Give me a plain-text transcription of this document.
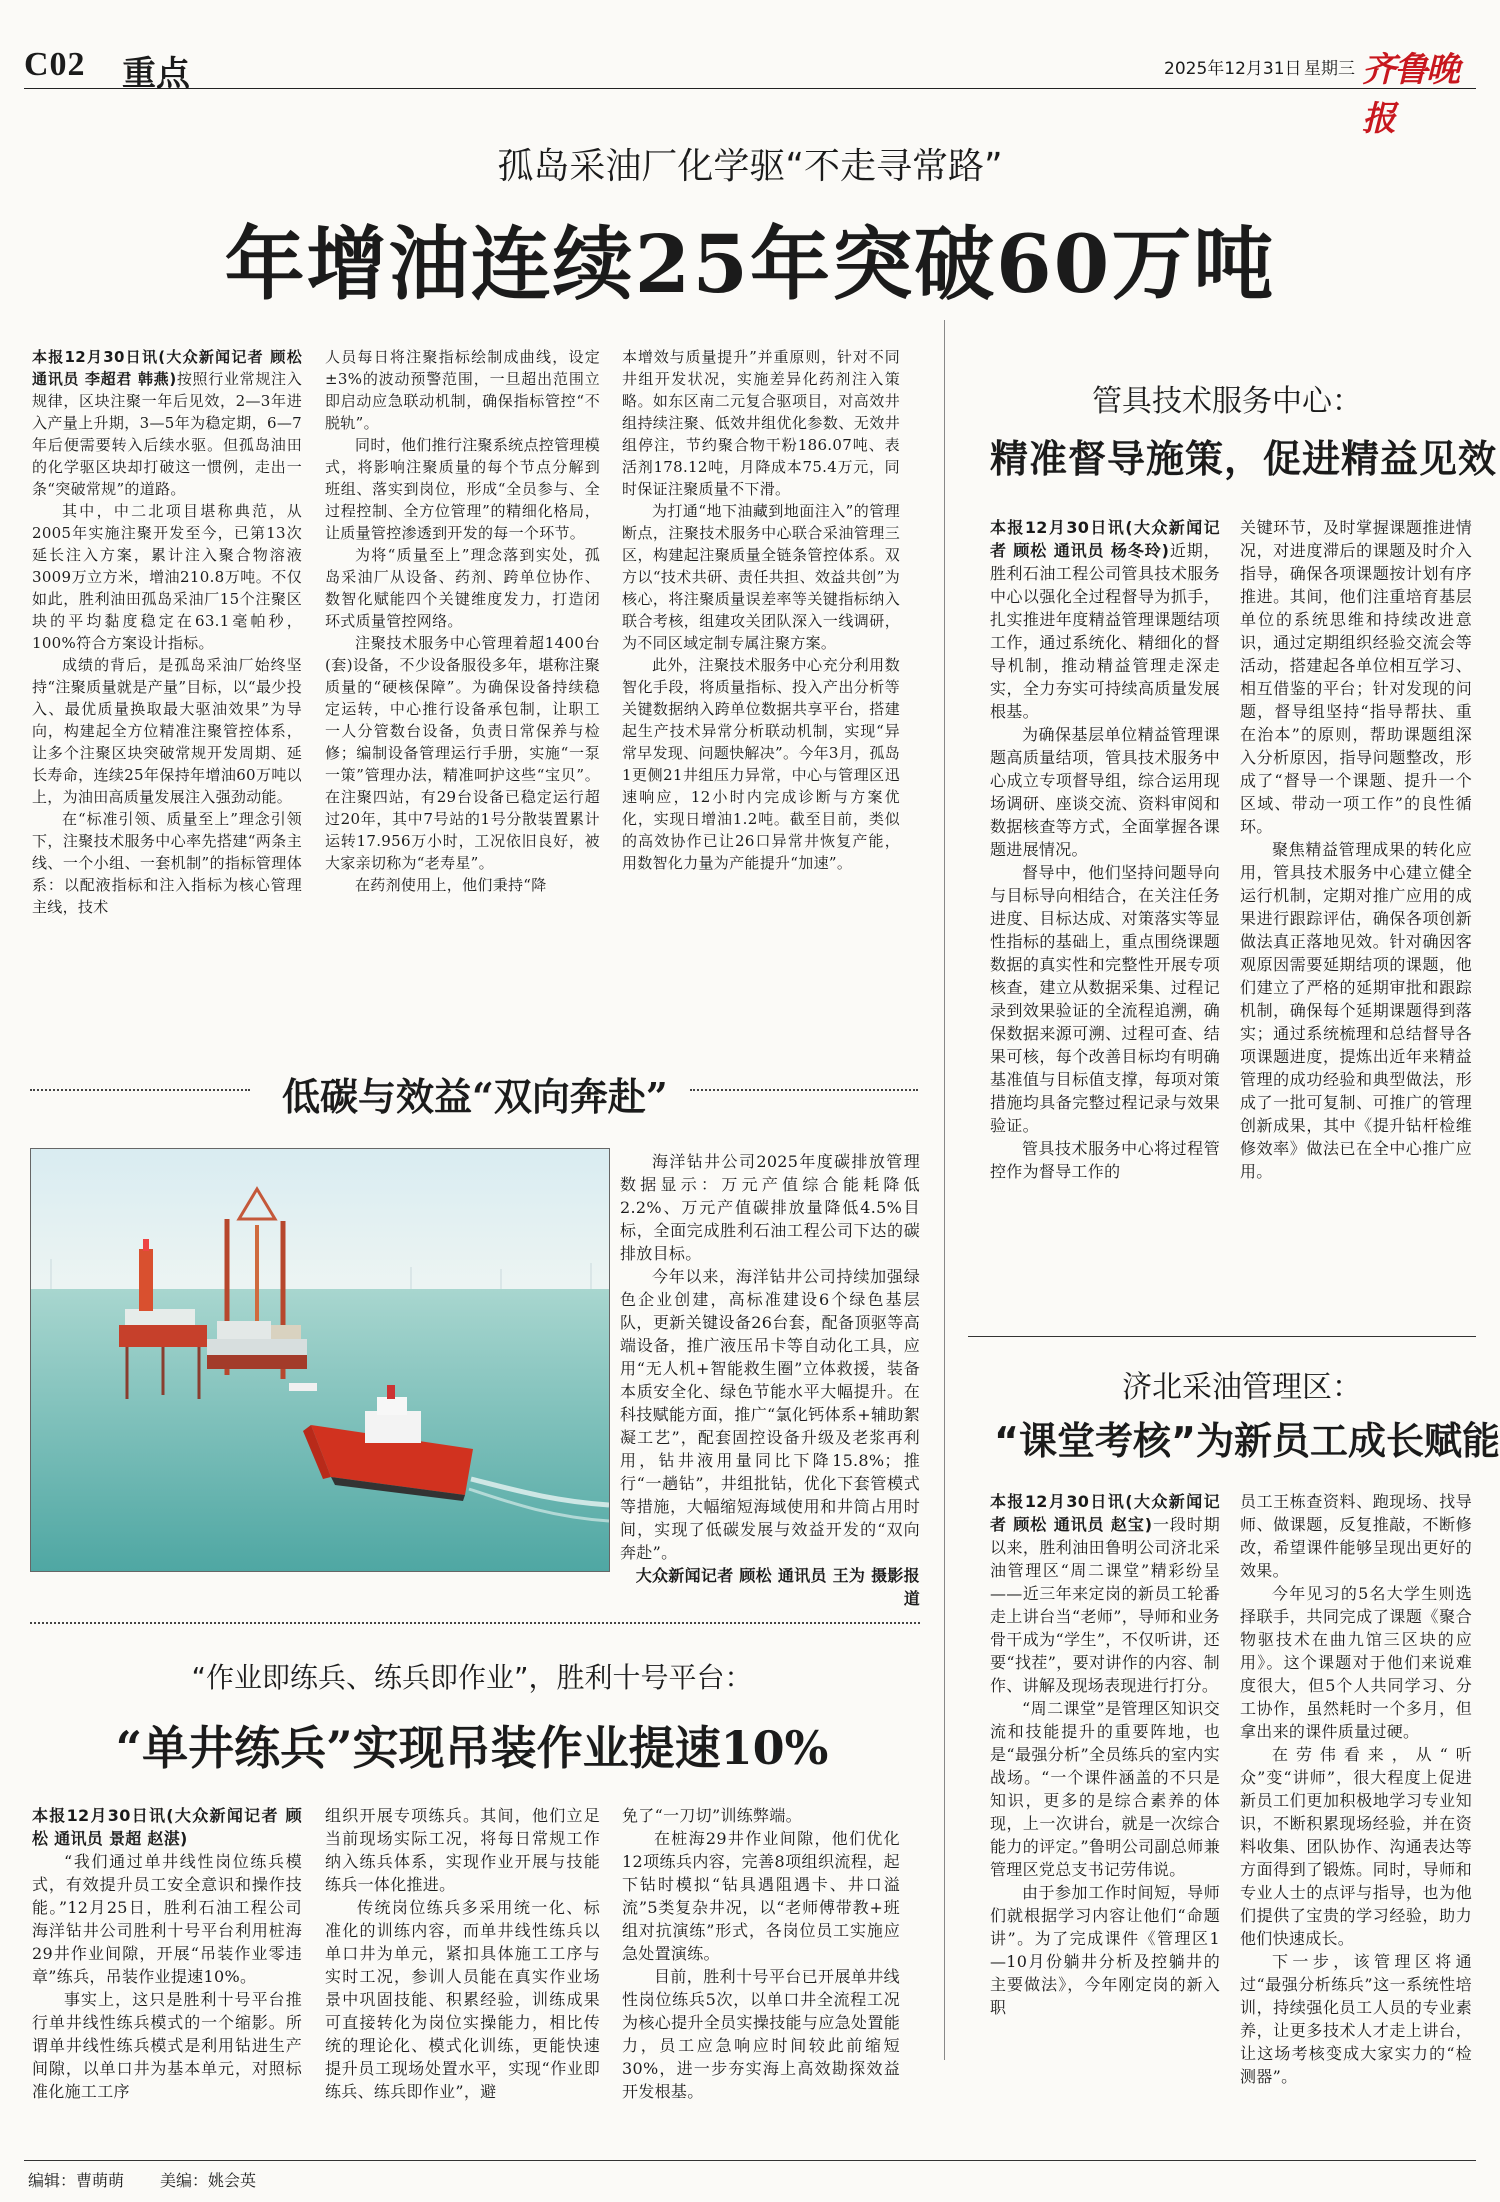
C02 重点	2025年12月31日 星期三 齐鲁晚报
孤岛采油厂化学驱“不走寻常路”
年增油连续25年突破60万吨

本报12月30日讯(大众新闻记者 顾松 通讯员 李超君 韩燕)按照行业常规注入规律，区块注聚一年后见效，2—3年进入产量上升期，3—5年为稳定期，6—7年后便需要转入后续水驱。但孤岛油田的化学驱区块却打破这一惯例，走出一条“突破常规”的道路。

其中，中二北项目堪称典范，从2005年实施注聚开发至今，已第13次延长注入方案，累计注入聚合物溶液3009万立方米，增油210.8万吨。不仅如此，胜利油田孤岛采油厂15个注聚区块的平均黏度稳定在63.1毫帕秒，100%符合方案设计指标。

成绩的背后，是孤岛采油厂始终坚持“注聚质量就是产量”目标，以“最少投入、最优质量换取最大驱油效果”为导向，构建起全方位精准注聚管控体系，让多个注聚区块突破常规开发周期、延长寿命，连续25年保持年增油60万吨以上，为油田高质量发展注入强劲动能。

在“标准引领、质量至上”理念引领下，注聚技术服务中心率先搭建“两条主线、一个小组、一套机制”的指标管理体系：以配液指标和注入指标为核心管理主线，技术

人员每日将注聚指标绘制成曲线，设定±3%的波动预警范围，一旦超出范围立即启动应急联动机制，确保指标管控“不脱轨”。

同时，他们推行注聚系统点控管理模式，将影响注聚质量的每个节点分解到班组、落实到岗位，形成“全员参与、全过程控制、全方位管理”的精细化格局，让质量管控渗透到开发的每一个环节。

为将“质量至上”理念落到实处，孤岛采油厂从设备、药剂、跨单位协作、数智化赋能四个关键维度发力，打造闭环式质量管控网络。

注聚技术服务中心管理着超1400台(套)设备，不少设备服役多年，堪称注聚质量的“硬核保障”。为确保设备持续稳定运转，中心推行设备承包制，让职工一人分管数台设备，负责日常保养与检修；编制设备管理运行手册，实施“一泵一策”管理办法，精准呵护这些“宝贝”。在注聚四站，有29台设备已稳定运行超过20年，其中7号站的1号分散装置累计运转17.956万小时，工况依旧良好，被大家亲切称为“老寿星”。

在药剂使用上，他们秉持“降

本增效与质量提升”并重原则，针对不同井组开发状况，实施差异化药剂注入策略。如东区南二元复合驱项目，对高效井组持续注聚、低效井组优化参数、无效井组停注，节约聚合物干粉186.07吨、表活剂178.12吨，月降成本75.4万元，同时保证注聚质量不下滑。

为打通“地下油藏到地面注入”的管理断点，注聚技术服务中心联合采油管理三区，构建起注聚质量全链条管控体系。双方以“技术共研、责任共担、效益共创”为核心，将注聚质量误差率等关键指标纳入联合考核，组建攻关团队深入一线调研，为不同区域定制专属注聚方案。

此外，注聚技术服务中心充分利用数智化手段，将质量指标、投入产出分析等关键数据纳入跨单位数据共享平台，搭建起生产技术异常分析联动机制，实现“异常早发现、问题快解决”。今年3月，孤岛1更侧21井组压力异常，中心与管理区迅速响应，12小时内完成诊断与方案优化，实现日增油1.2吨。截至目前，类似的高效协作已让26口异常井恢复产能，用数智化力量为产能提升“加速”。

管具技术服务中心：
精准督导施策，促进精益见效

本报12月30日讯(大众新闻记者 顾松 通讯员 杨冬玲)近期，胜利石油工程公司管具技术服务中心以强化全过程督导为抓手，扎实推进年度精益管理课题结项工作，通过系统化、精细化的督导机制，推动精益管理走深走实，全力夯实可持续高质量发展根基。

为确保基层单位精益管理课题高质量结项，管具技术服务中心成立专项督导组，综合运用现场调研、座谈交流、资料审阅和数据核查等方式，全面掌握各课题进展情况。

督导中，他们坚持问题导向与目标导向相结合，在关注任务进度、目标达成、对策落实等显性指标的基础上，重点围绕课题数据的真实性和完整性开展专项核查，建立从数据采集、过程记录到效果验证的全流程追溯，确保数据来源可溯、过程可查、结果可核，每个改善目标均有明确基准值与目标值支撑，每项对策措施均具备完整过程记录与效果验证。

管具技术服务中心将过程管控作为督导工作的

关键环节，及时掌握课题推进情况，对进度滞后的课题及时介入指导，确保各项课题按计划有序推进。其间，他们注重培育基层单位的系统思维和持续改进意识，通过定期组织经验交流会等活动，搭建起各单位相互学习、相互借鉴的平台；针对发现的问题，督导组坚持“指导帮扶、重在治本”的原则，帮助课题组深入分析原因，指导问题整改，形成了“督导一个课题、提升一个区域、带动一项工作”的良性循环。

聚焦精益管理成果的转化应用，管具技术服务中心建立健全运行机制，定期对推广应用的成果进行跟踪评估，确保各项创新做法真正落地见效。针对确因客观原因需要延期结项的课题，他们建立了严格的延期审批和跟踪机制，确保每个延期课题得到落实；通过系统梳理和总结督导各项课题进度，提炼出近年来精益管理的成功经验和典型做法，形成了一批可复制、可推广的管理创新成果，其中《提升钻杆检维修效率》做法已在全中心推广应用。

低碳与效益“双向奔赴”

海洋钻井公司2025年度碳排放管理数据显示：万元产值综合能耗降低2.2%、万元产值碳排放量降低4.5%目标，全面完成胜利石油工程公司下达的碳排放目标。

今年以来，海洋钻井公司持续加强绿色企业创建，高标准建设6个绿色基层队，更新关键设备26台套，配备顶驱等高端设备，推广液压吊卡等自动化工具，应用“无人机+智能救生圈”立体救援，装备本质安全化、绿色节能水平大幅提升。在科技赋能方面，推广“氯化钙体系+辅助絮凝工艺”，配套固控设备升级及老浆再利用，钻井液用量同比下降15.8%；推行“一趟钻”，井组批钻，优化下套管模式等措施，大幅缩短海域使用和井筒占用时间，实现了低碳发展与效益开发的“双向奔赴”。

大众新闻记者 顾松 通讯员 王为 摄影报道

济北采油管理区：
“课堂考核”为新员工成长赋能

本报12月30日讯(大众新闻记者 顾松 通讯员 赵宝)一段时期以来，胜利油田鲁明公司济北采油管理区“周二课堂”精彩纷呈——近三年来定岗的新员工轮番走上讲台当“老师”，导师和业务骨干成为“学生”，不仅听讲，还要“找茬”，要对讲作的内容、制作、讲解及现场表现进行打分。

“周二课堂”是管理区知识交流和技能提升的重要阵地，也是“最强分析”全员练兵的室内实战场。“一个课件涵盖的不只是知识，更多的是综合素养的体现，上一次讲台，就是一次综合能力的评定。”鲁明公司副总师兼管理区党总支书记劳伟说。

由于参加工作时间短，导师们就根据学习内容让他们“命题讲”。为了完成课件《管理区1—10月份躺井分析及控躺井的主要做法》，今年刚定岗的新入职

员工王栋查资料、跑现场、找导师、做课题，反复推敲，不断修改，希望课件能够呈现出更好的效果。

今年见习的5名大学生则选择联手，共同完成了课题《聚合物驱技术在曲九馆三区块的应用》。这个课题对于他们来说难度很大，但5个人共同学习、分工协作，虽然耗时一个多月，但拿出来的课件质量过硬。

在劳伟看来，从“听众”变“讲师”，很大程度上促进新员工们更加积极地学习专业知识，不断积累现场经验，并在资料收集、团队协作、沟通表达等方面得到了锻炼。同时，导师和专业人士的点评与指导，也为他们提供了宝贵的学习经验，助力他们快速成长。

下一步，该管理区将通过“最强分析练兵”这一系统性培训，持续强化员工人员的专业素养，让更多技术人才走上讲台，让这场考核变成大家实力的“检测器”。

“作业即练兵、练兵即作业”，胜利十号平台：
“单井练兵”实现吊装作业提速10%

本报12月30日讯(大众新闻记者 顾松 通讯员 景超 赵湛)

“我们通过单井线性岗位练兵模式，有效提升员工安全意识和操作技能。”12月25日，胜利石油工程公司海洋钻井公司胜利十号平台利用桩海29井作业间隙，开展“吊装作业零违章”练兵，吊装作业提速10%。

事实上，这只是胜利十号平台推行单井线性练兵模式的一个缩影。所谓单井线性练兵模式是利用钻进生产间隙，以单口井为基本单元，对照标准化施工工序

组织开展专项练兵。其间，他们立足当前现场实际工况，将每日常规工作纳入练兵体系，实现作业开展与技能练兵一体化推进。

传统岗位练兵多采用统一化、标准化的训练内容，而单井线性练兵以单口井为单元，紧扣具体施工工序与实时工况，参训人员能在真实作业场景中巩固技能、积累经验，训练成果可直接转化为岗位实操能力，相比传统的理论化、模式化训练，更能快速提升员工现场处置水平，实现“作业即练兵、练兵即作业”，避

免了“一刀切”训练弊端。

在桩海29井作业间隙，他们优化12项练兵内容，完善8项组织流程，起下钻时模拟“钻具遇阻遇卡、井口溢流”5类复杂井况，以“老师傅带教+班组对抗演练”形式，各岗位员工实施应急处置演练。

目前，胜利十号平台已开展单井线性岗位练兵5次，以单口井全流程工况为核心提升全员实操技能与应急处置能力，员工应急响应时间较此前缩短30%，进一步夯实海上高效勘探效益开发根基。

编辑：曹萌萌 美编：姚会英
